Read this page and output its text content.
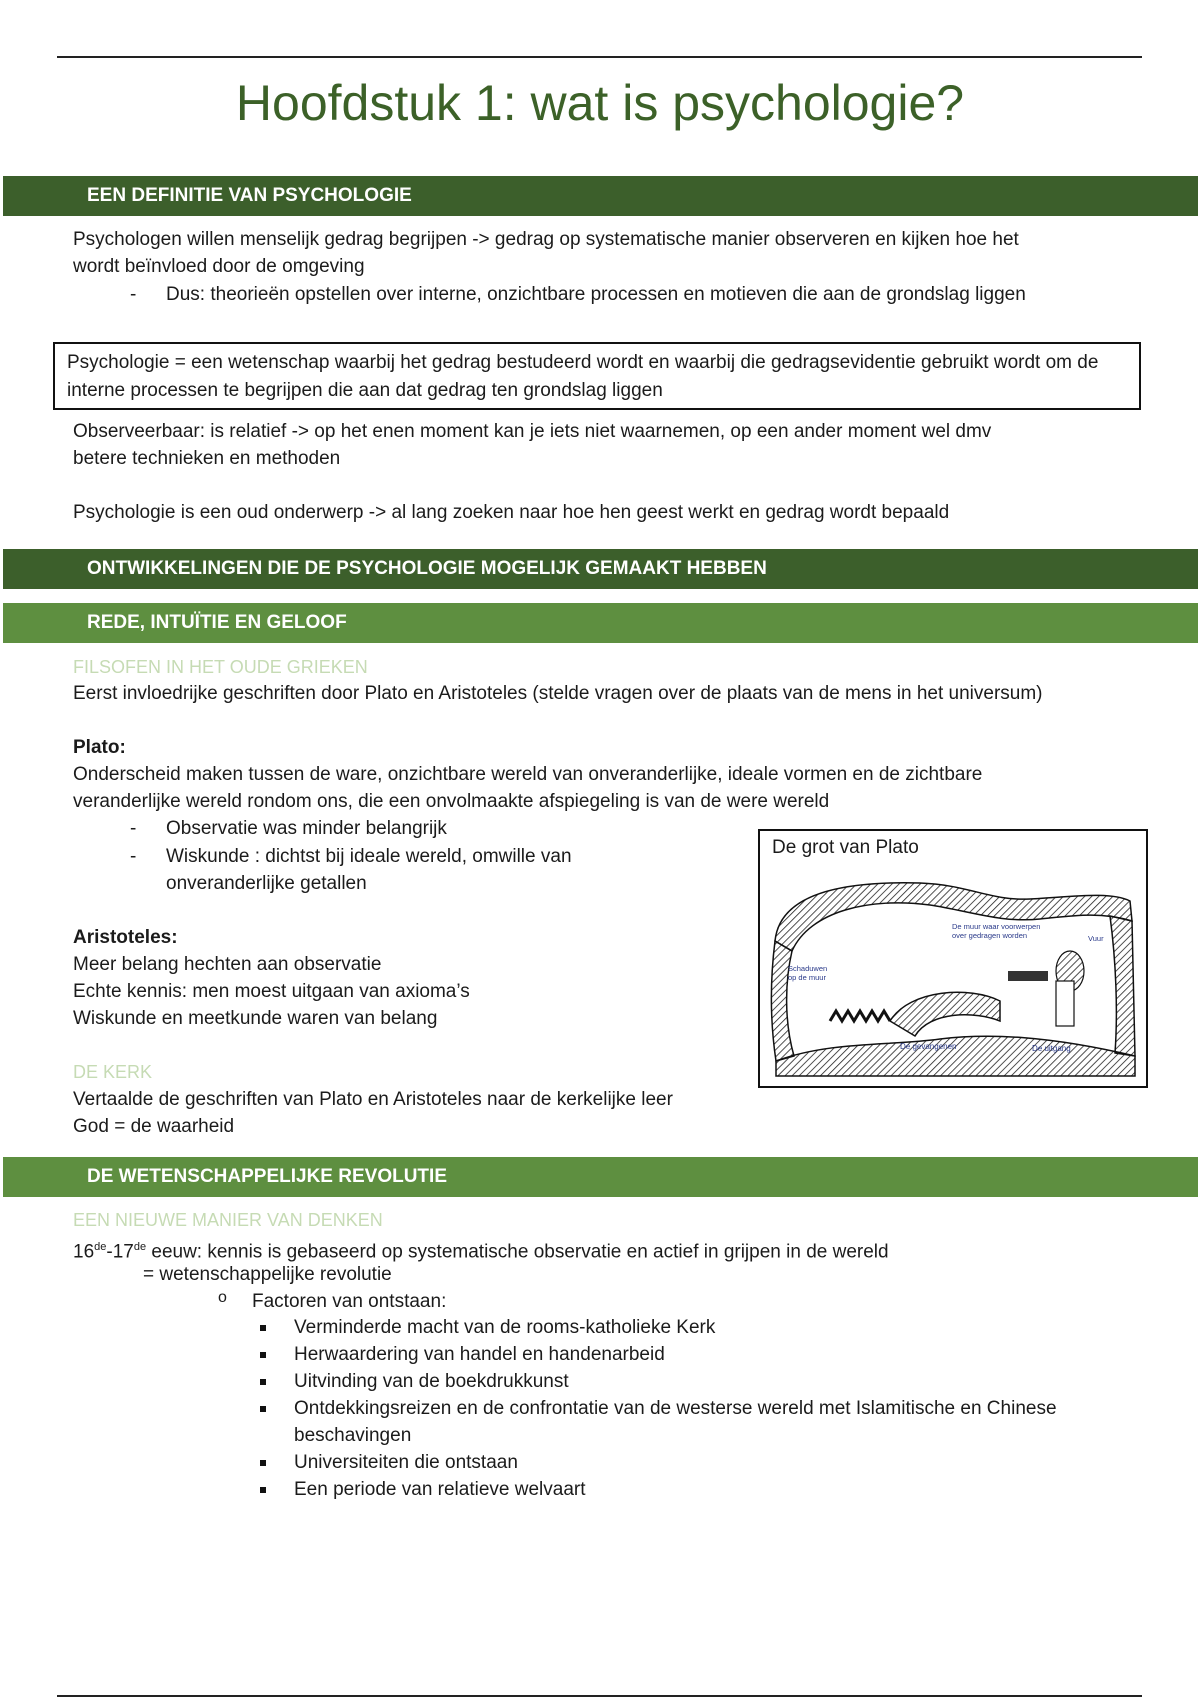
Hoofdstuk 1: wat is psychologie?
EEN DEFINITIE VAN PSYCHOLOGIE

Psychologen willen menselijk gedrag begrijpen -> gedrag op systematische manier observeren en kijken hoe het

wordt beïnvloed door de omgeving

- Dus: theorieën opstellen over interne, onzichtbare processen en motieven die aan de grondslag liggen

Psychologie = een wetenschap waarbij het gedrag bestudeerd wordt en waarbij die gedragsevidentie gebruikt wordt om de interne processen te begrijpen die aan dat gedrag ten grondslag liggen

Observeerbaar: is relatief -> op het enen moment kan je iets niet waarnemen, op een ander moment wel dmv

betere technieken en methoden

Psychologie is een oud onderwerp -> al lang zoeken naar hoe hen geest werkt en gedrag wordt bepaald

ONTWIKKELINGEN DIE DE PSYCHOLOGIE MOGELIJK GEMAAKT HEBBEN
REDE, INTUÏTIE EN GELOOF

FILSOFEN IN HET OUDE GRIEKEN

Eerst invloedrijke geschriften door Plato en Aristoteles (stelde vragen over de plaats van de mens in het universum)

Plato:

Onderscheid maken tussen de ware, onzichtbare wereld van onveranderlijke, ideale vormen en de zichtbare

veranderlijke wereld rondom ons, die een onvolmaakte afspiegeling is van de were wereld

- Observatie was minder belangrijk

- Wiskunde : dichtst bij ideale wereld, omwille van

onveranderlijke getallen

Aristoteles:

Meer belang hechten aan observatie

Echte kennis: men moest uitgaan van axioma’s

Wiskunde en meetkunde waren van belang

De grot van Plato
De muur waar voorwerpen
over gedragen worden	Vuur
Schaduwen
op de muur
De gevangenen	De uitgang

DE KERK

Vertaalde de geschriften van Plato en Aristoteles naar de kerkelijke leer

God = de waarheid

DE WETENSCHAPPELIJKE REVOLUTIE

EEN NIEUWE MANIER VAN DENKEN

16de-17de eeuw: kennis is gebaseerd op systematische observatie en actief in grijpen in de wereld

= wetenschappelijke revolutie

o Factoren van ontstaan:

Verminderde macht van de rooms-katholieke Kerk

Herwaardering van handel en handenarbeid

Uitvinding van de boekdrukkunst

Ontdekkingsreizen en de confrontatie van de westerse wereld met Islamitische en Chinese

beschavingen

Universiteiten die ontstaan

Een periode van relatieve welvaart
